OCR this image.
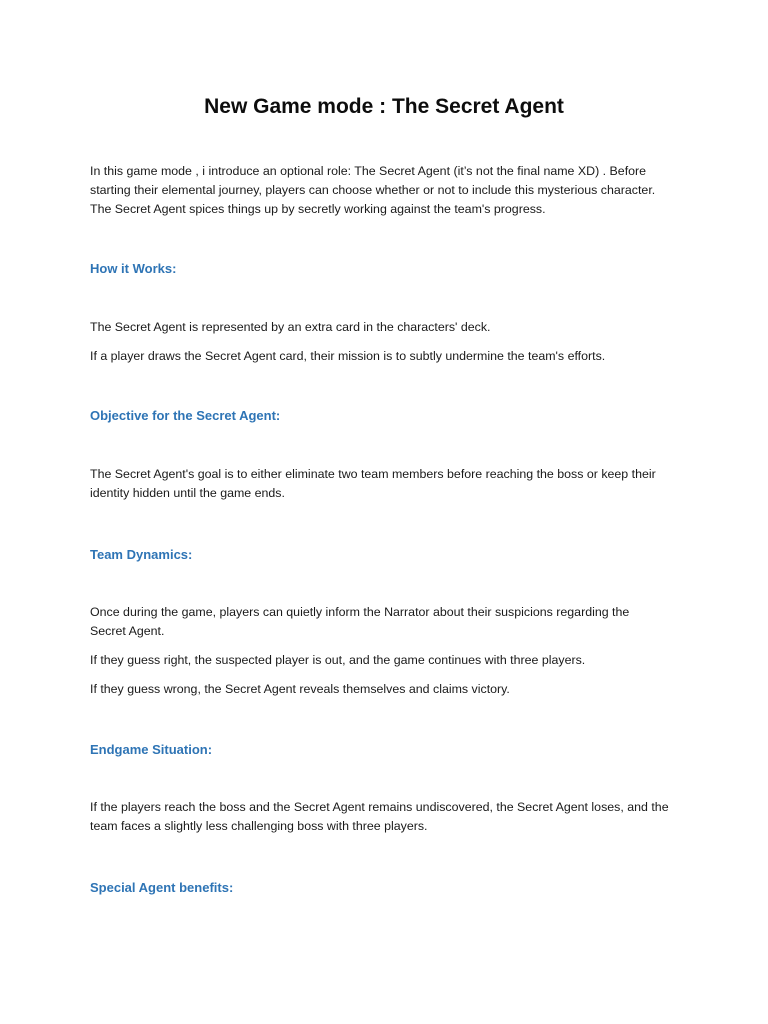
New Game mode : The Secret Agent

In this game mode , i introduce an optional role: The Secret Agent (it’s not the final name XD) . Before
starting their elemental journey, players can choose whether or not to include this mysterious character.
The Secret Agent spices things up by secretly working against the team's progress.

How it Works:

The Secret Agent is represented by an extra card in the characters' deck.

If a player draws the Secret Agent card, their mission is to subtly undermine the team's efforts.

Objective for the Secret Agent:

The Secret Agent's goal is to either eliminate two team members before reaching the boss or keep their
identity hidden until the game ends.

Team Dynamics:

Once during the game, players can quietly inform the Narrator about their suspicions regarding the
Secret Agent.

If they guess right, the suspected player is out, and the game continues with three players.

If they guess wrong, the Secret Agent reveals themselves and claims victory.

Endgame Situation:

If the players reach the boss and the Secret Agent remains undiscovered, the Secret Agent loses, and the
team faces a slightly less challenging boss with three players.

Special Agent benefits:
